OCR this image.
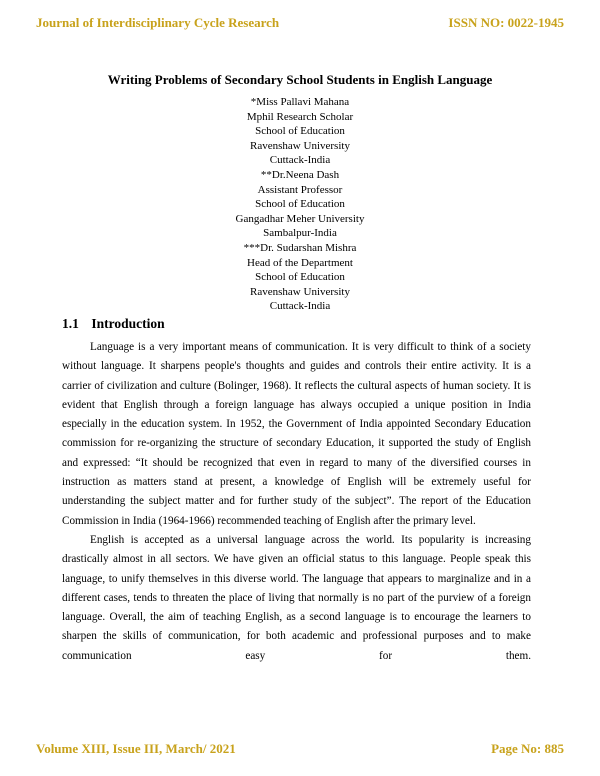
Journal of Interdisciplinary Cycle Research	ISSN NO: 0022-1945
Writing Problems of Secondary School Students in English Language
*Miss Pallavi Mahana
Mphil Research Scholar
School of Education
Ravenshaw University
Cuttack-India
**Dr.Neena Dash
Assistant Professor
School of Education
Gangadhar Meher University
Sambalpur-India
***Dr. Sudarshan Mishra
Head of the Department
School of Education
Ravenshaw University
Cuttack-India
1.1 Introduction

Language is a very important means of communication. It is very difficult to think of a society without language. It sharpens people's thoughts and guides and controls their entire activity. It is a carrier of civilization and culture (Bolinger, 1968). It reflects the cultural aspects of human society. It is evident that English through a foreign language has always occupied a unique position in India especially in the education system. In 1952, the Government of India appointed Secondary Education commission for re-organizing the structure of secondary Education, it supported the study of English and expressed: “It should be recognized that even in regard to many of the diversified courses in instruction as matters stand at present, a knowledge of English will be extremely useful for understanding the subject matter and for further study of the subject”. The report of the Education Commission in India (1964-1966) recommended teaching of English after the primary level.

English is accepted as a universal language across the world. Its popularity is increasing drastically almost in all sectors. We have given an official status to this language. People speak this language, to unify themselves in this diverse world. The language that appears to marginalize and in a different cases, tends to threaten the place of living that normally is no part of the purview of a foreign language. Overall, the aim of teaching English, as a second language is to encourage the learners to sharpen the skills of communication, for both academic and professional purposes and to make communication easy for them.

Volume XIII, Issue III, March/ 2021	Page No: 885
